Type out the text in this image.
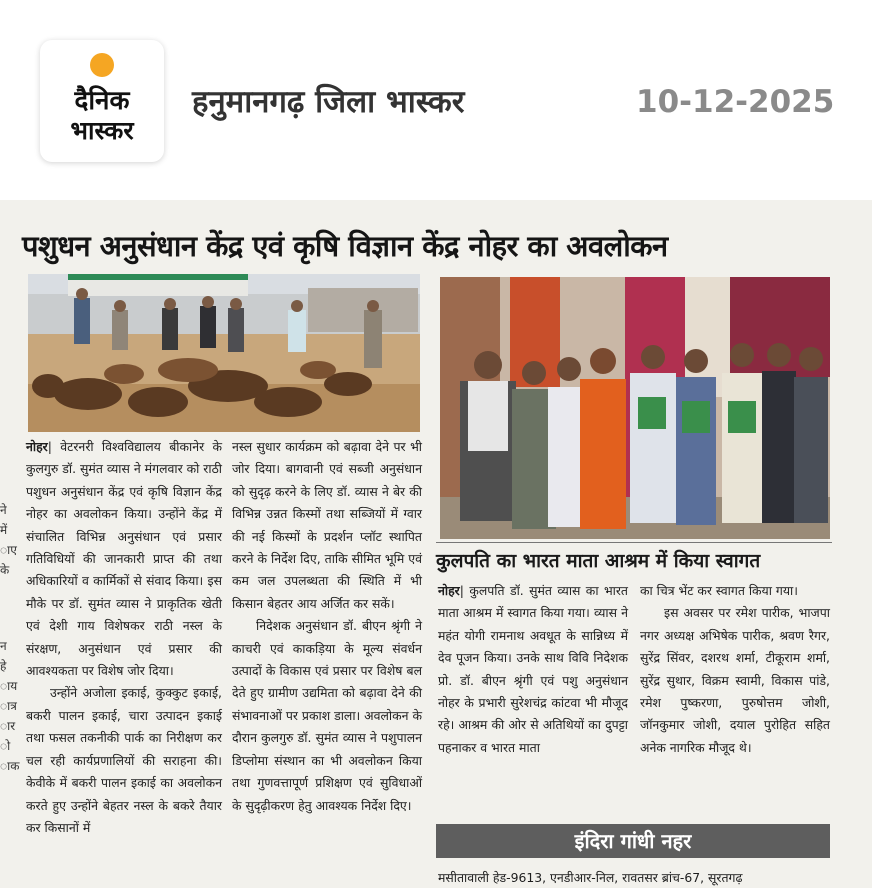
दैनिक
भास्कर
हनुमानगढ़ जिला भास्कर	10-12-2025
पशुधन अनुसंधान केंद्र एवं कृषि विज्ञान केंद्र नोहर का अवलोकन
ने
में
ाए
के
न
हे
ाय
ात्र
ार
ो
ाक

नोहर| वेटरनरी विश्वविद्यालय बीकानेर के कुलगुरु डॉ. सुमंत व्यास ने मंगलवार को राठी पशुधन अनुसंधान केंद्र एवं कृषि विज्ञान केंद्र नोहर का अवलोकन किया। उन्होंने केंद्र में संचालित विभिन्न अनुसंधान एवं प्रसार गतिविधियों की जानकारी प्राप्त की तथा अधिकारियों व कार्मिकों से संवाद किया। इस मौके पर डॉ. सुमंत व्यास ने प्राकृतिक खेती एवं देशी गाय विशेषकर राठी नस्ल के संरक्षण, अनुसंधान एवं प्रसार की आवश्यकता पर विशेष जोर दिया।

उन्होंने अजोला इकाई, कुक्कुट इकाई, बकरी पालन इकाई, चारा उत्पादन इकाई तथा फसल तकनीकी पार्क का निरीक्षण कर चल रही कार्यप्रणालियों की सराहना की। केवीके में बकरी पालन इकाई का अवलोकन करते हुए उन्होंने बेहतर नस्ल के बकरे तैयार कर किसानों में

नस्ल सुधार कार्यक्रम को बढ़ावा देने पर भी जोर दिया। बागवानी एवं सब्जी अनुसंधान को सुदृढ़ करने के लिए डॉ. व्यास ने बेर की विभिन्न उन्नत किस्मों तथा सब्जियों में ग्वार की नई किस्मों के प्रदर्शन प्लॉट स्थापित करने के निर्देश दिए, ताकि सीमित भूमि एवं कम जल उपलब्धता की स्थिति में भी किसान बेहतर आय अर्जित कर सकें।

निदेशक अनुसंधान डॉ. बीएन श्रृंगी ने काचरी एवं काकड़िया के मूल्य संवर्धन उत्पादों के विकास एवं प्रसार पर विशेष बल देते हुए ग्रामीण उद्यमिता को बढ़ावा देने की संभावनाओं पर प्रकाश डाला। अवलोकन के दौरान कुलगुरु डॉ. सुमंत व्यास ने पशुपालन डिप्लोमा संस्थान का भी अवलोकन किया तथा गुणवत्तापूर्ण प्रशिक्षण एवं सुविधाओं के सुदृढ़ीकरण हेतु आवश्यक निर्देश दिए।

कुलपति का भारत माता आश्रम में किया स्वागत

नोहर| कुलपति डॉ. सुमंत व्यास का भारत माता आश्रम में स्वागत किया गया। व्यास ने महंत योगी रामनाथ अवधूत के सान्निध्य में देव पूजन किया। उनके साथ विवि निदेशक प्रो. डॉ. बीएन श्रृंगी एवं पशु अनुसंधान नोहर के प्रभारी सुरेशचंद्र कांटवा भी मौजूद रहे। आश्रम की ओर से अतिथियों का दुपट्टा पहनाकर व भारत माता

का चित्र भेंट कर स्वागत किया गया।

इस अवसर पर रमेश पारीक, भाजपा नगर अध्यक्ष अभिषेक पारीक, श्रवण रैगर, सुरेंद्र सिंवर, दशरथ शर्मा, टीकूराम शर्मा, सुरेंद्र सुथार, विक्रम स्वामी, विकास पांडे, रमेश पुष्करणा, पुरुषोत्तम जोशी, जॉनकुमार जोशी, दयाल पुरोहित सहित अनेक नागरिक मौजूद थे।

इंदिरा गांधी नहर
मसीतावाली हेड-9613, एनडीआर-निल, रावतसर ब्रांच-67, सूरतगढ़
